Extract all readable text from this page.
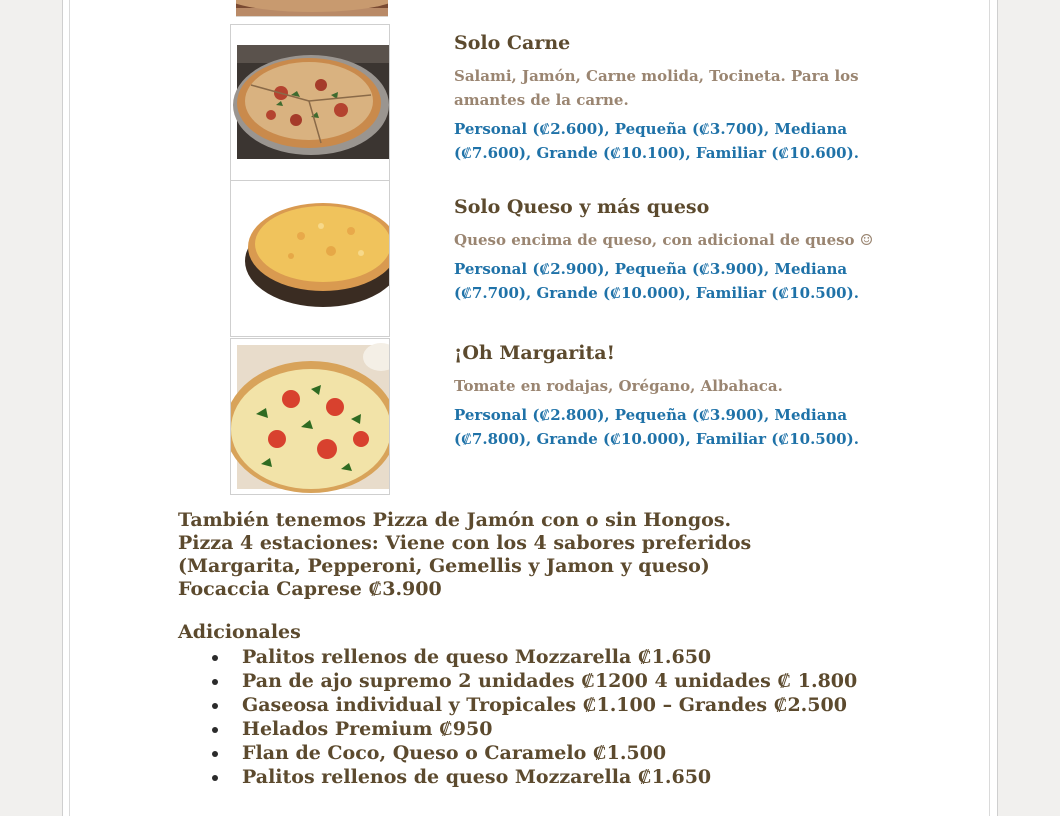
Solo Carne
Salami, Jamón, Carne molida, Tocineta. Para los amantes de la carne.
Personal (₡2.600), Pequeña (₡3.700), Mediana (₡7.600), Grande (₡10.100), Familiar (₡10.600).
Solo Queso y más queso
Queso encima de queso, con adicional de queso ☺
Personal (₡2.900), Pequeña (₡3.900), Mediana (₡7.700), Grande (₡10.000), Familiar (₡10.500).
¡Oh Margarita!
Tomate en rodajas, Orégano, Albahaca.
Personal (₡2.800), Pequeña (₡3.900), Mediana (₡7.800), Grande (₡10.000), Familiar (₡10.500).
También tenemos Pizza de Jamón con o sin Hongos.
Pizza 4 estaciones: Viene con los 4 sabores preferidos (Margarita, Pepperoni, Gemellis y Jamon y queso)
Focaccia Caprese ₡3.900
Adicionales
Palitos rellenos de queso Mozzarella ₡1.650
Pan de ajo supremo 2 unidades ₡1200 4 unidades ₡ 1.800
Gaseosa individual y Tropicales ₡1.100 – Grandes ₡2.500
Helados Premium ₡950
Flan de Coco, Queso o Caramelo ₡1.500
Palitos rellenos de queso Mozzarella ₡1.650
